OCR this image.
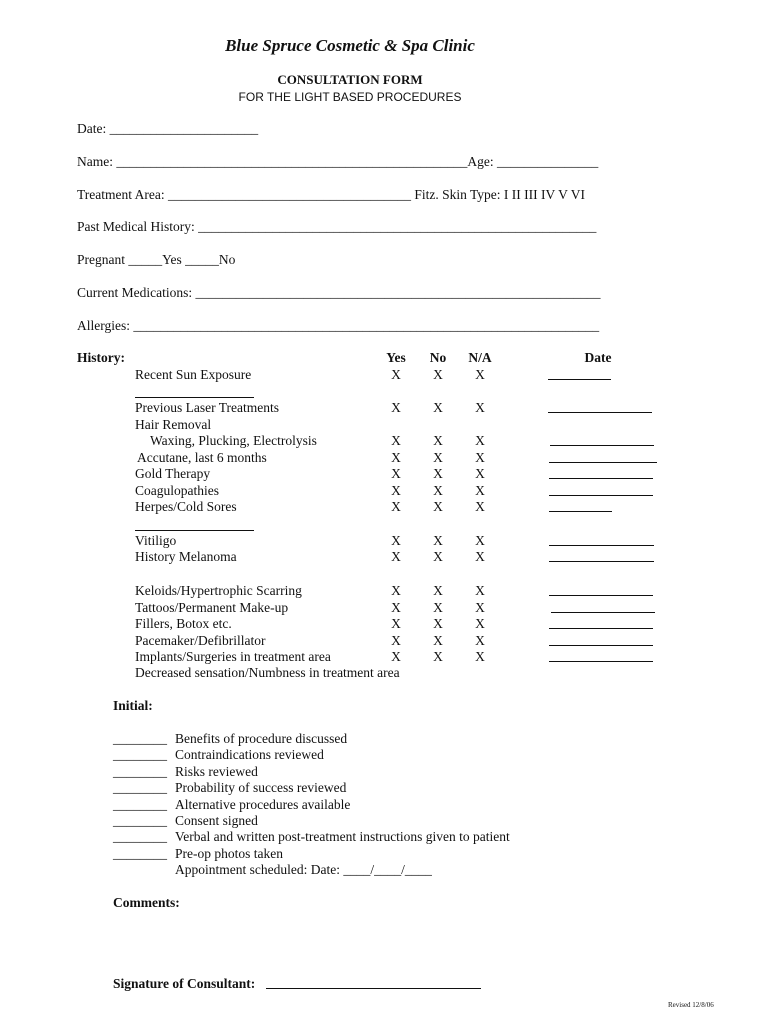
Blue Spruce Cosmetic & Spa Clinic
CONSULTATION FORM
FOR THE LIGHT BASED PROCEDURES
Date: ______________________
Name: ____________________________________________________Age: _______________
Treatment Area: ____________________________________ Fitz. Skin Type: I II III IV V VI
Past Medical History: ___________________________________________________________
Pregnant _____Yes _____No
Current Medications: ____________________________________________________________
Allergies: _____________________________________________________________________
History:	Yes	No	N/A	Date
Recent Sun Exposure	X	X	X
Previous Laser Treatments	X	X	X
Hair Removal
Waxing, Plucking, Electrolysis	X	X	X
Accutane, last 6 months	X	X	X
Gold Therapy	X	X	X
Coagulopathies	X	X	X
Herpes/Cold Sores	X	X	X
Vitiligo	X	X	X
History Melanoma	X	X	X
Keloids/Hypertrophic Scarring	X	X	X
Tattoos/Permanent Make-up	X	X	X
Fillers, Botox etc.	X	X	X
Pacemaker/Defibrillator	X	X	X
Implants/Surgeries in treatment area	X	X	X
Decreased sensation/Numbness in treatment area
Initial:
________ Benefits of procedure discussed
________ Contraindications reviewed
________ Risks reviewed
________ Probability of success reviewed
________ Alternative procedures available
________ Consent signed
________ Verbal and written post-treatment instructions given to patient
________ Pre-op photos taken
Appointment scheduled: Date: ____/____/____
Comments:
Signature of Consultant:
Revised 12/8/06
